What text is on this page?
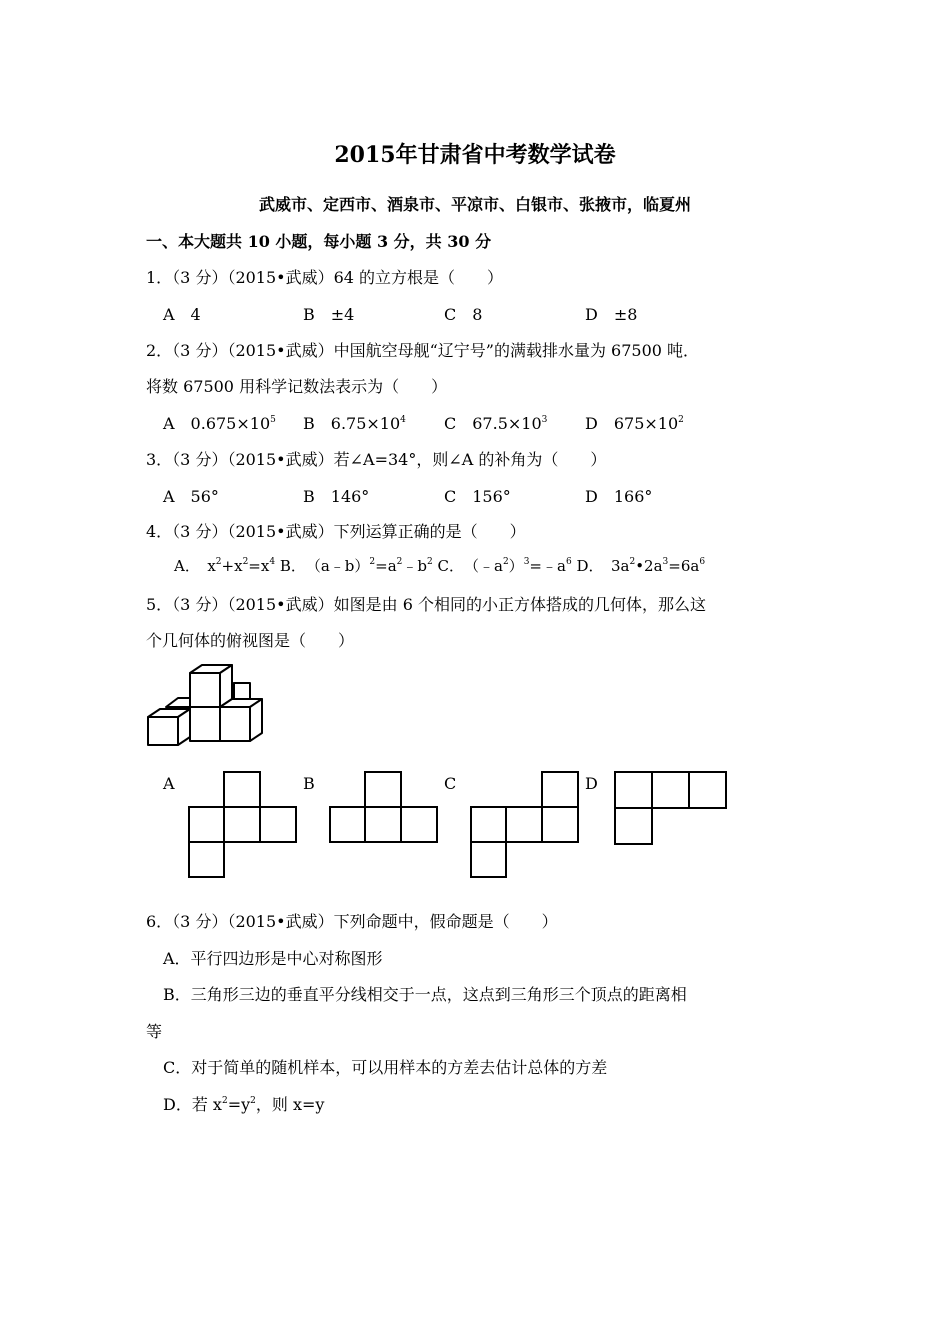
2015年甘肃省中考数学试卷
武威市、定西市、酒泉市、平凉市、白银市、张掖市，临夏州
一、本大题共 10 小题，每小题 3 分，共 30 分
1．（3 分）（2015•武威）64 的立方根是（　　）
A　4	B　±4	C　8	D　±8
2．（3 分）（2015•武威）中国航空母舰“辽宁号”的满载排水量为 67500 吨．
将数 67500 用科学记数法表示为（　　）
A　$0.675\times 10^5$ B　$6.75\times 10^4$ C　$67.5\times 10^3$ D　$675\times 10^2$
3．（3 分）（2015•武威）若∠A=34°，则∠A 的补角为（　　）
A　56°	B　146°	C　156°	D　166°
4．（3 分）（2015•武威）下列运算正确的是（　　）
A．　$x^2+x^2=x^4$ B．　$(a﹣b)^2=a^2﹣b^2$ C．　$(﹣a^2)^3=﹣a^6$ D．　$3a^2•2a^3=6a^6$
5．（3 分）（2015•武威）如图是由 6 个相同的小正方体搭成的几何体，那么这
个几何体的俯视图是（　　）
A	B	C	D
6．（3 分）（2015•武威）下列命题中，假命题是（　　）
A．平行四边形是中心对称图形
B．三角形三边的垂直平分线相交于一点，这点到三角形三个顶点的距离相
等
C．对于简单的随机样本，可以用样本的方差去估计总体的方差
D．若 $x^2=y^2$，则 x=y
